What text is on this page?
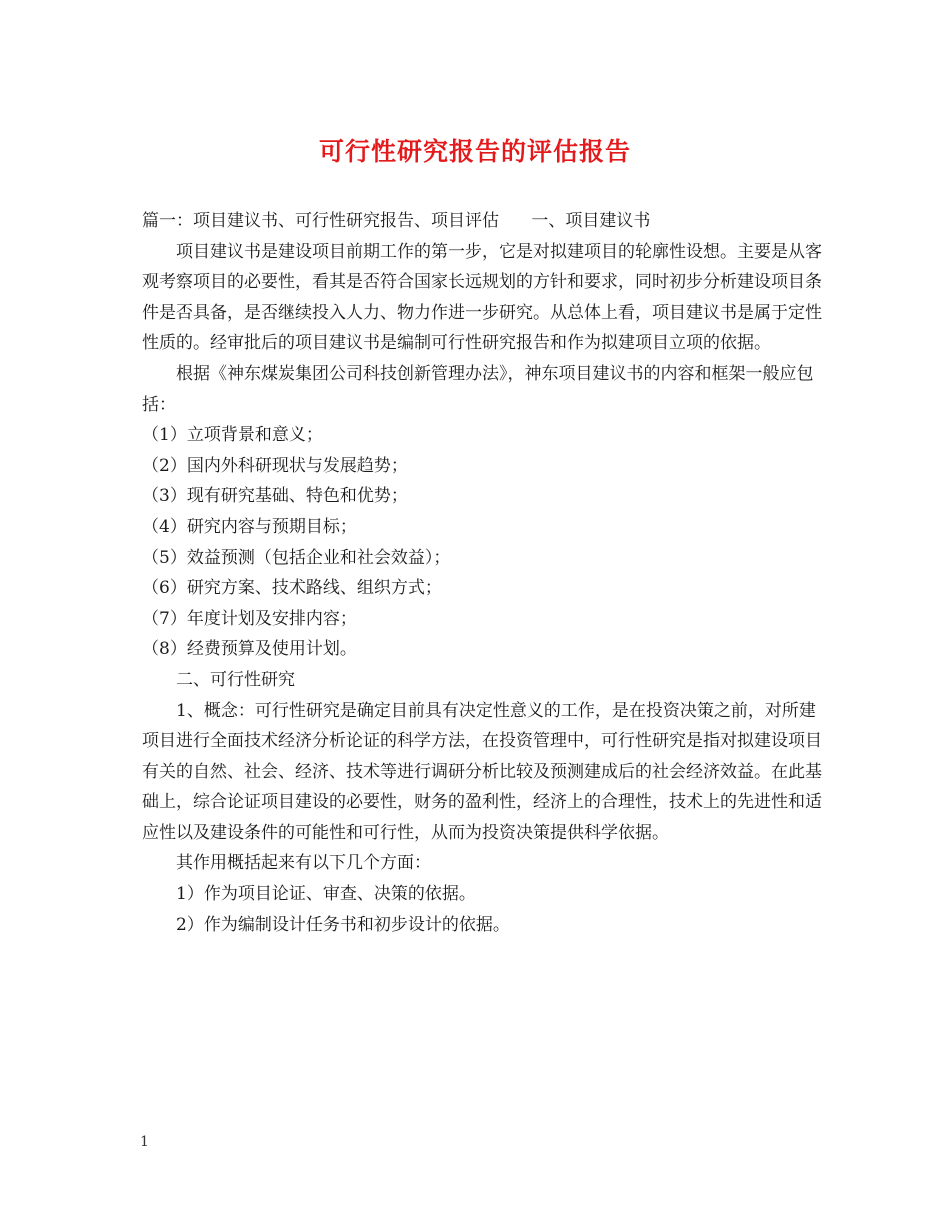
可行性研究报告的评估报告

篇一：项目建议书、可行性研究报告、项目评估      一、项目建议书

项目建议书是建设项目前期工作的第一步，它是对拟建项目的轮廓性设想。主要是从客观考察项目的必要性，看其是否符合国家长远规划的方针和要求，同时初步分析建设项目条件是否具备，是否继续投入人力、物力作进一步研究。从总体上看，项目建议书是属于定性性质的。经审批后的项目建议书是编制可行性研究报告和作为拟建项目立项的依据。

根据《神东煤炭集团公司科技创新管理办法》，神东项目建议书的内容和框架一般应包括：

（1）立项背景和意义；

（2）国内外科研现状与发展趋势；

（3）现有研究基础、特色和优势；

（4）研究内容与预期目标；

（5）效益预测（包括企业和社会效益）；

（6）研究方案、技术路线、组织方式；

（7）年度计划及安排内容；

（8）经费预算及使用计划。

二、可行性研究

1、概念：可行性研究是确定目前具有决定性意义的工作，是在投资决策之前，对所建项目进行全面技术经济分析论证的科学方法，在投资管理中，可行性研究是指对拟建设项目有关的自然、社会、经济、技术等进行调研分析比较及预测建成后的社会经济效益。在此基础上，综合论证项目建设的必要性，财务的盈利性，经济上的合理性，技术上的先进性和适应性以及建设条件的可能性和可行性，从而为投资决策提供科学依据。

其作用概括起来有以下几个方面：

1）作为项目论证、审查、决策的依据。

2）作为编制设计任务书和初步设计的依据。

1
